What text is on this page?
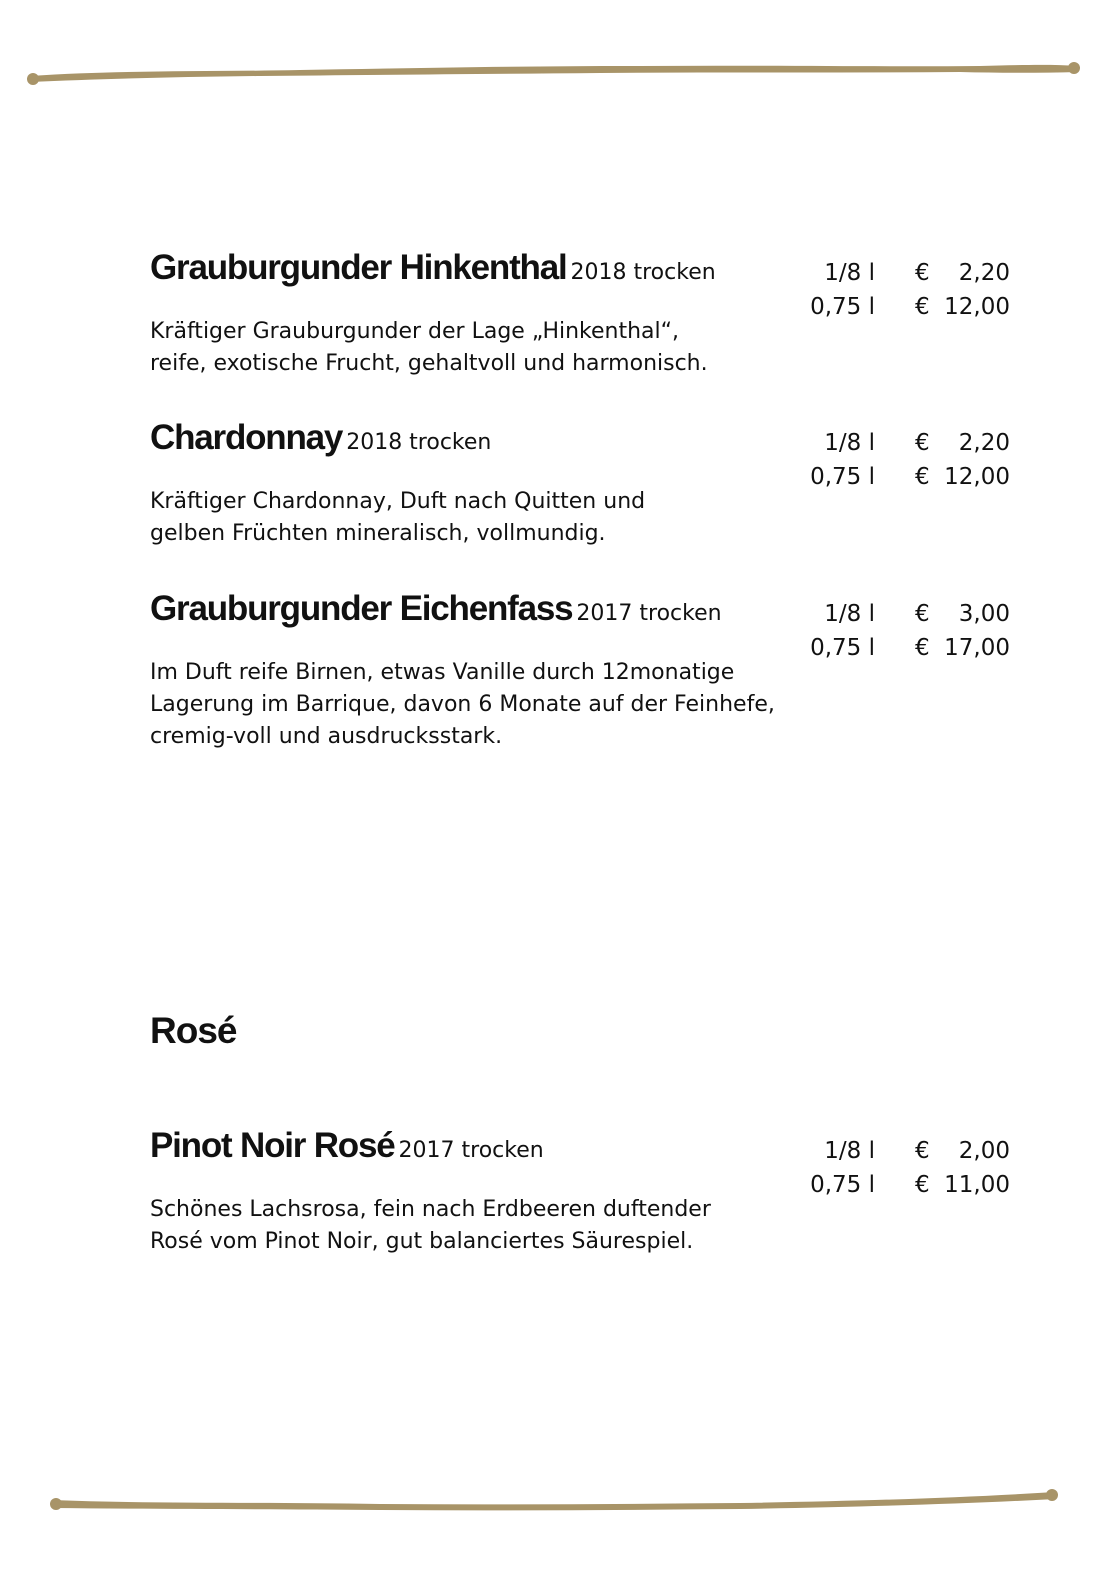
Grauburgunder Hinkenthal 2018 trocken	1/8 l € 2,20
0,75 l € 12,00
Kräftiger Grauburgunder der Lage „Hinkenthal“,
reife, exotische Frucht, gehaltvoll und harmonisch.
Chardonnay 2018 trocken	1/8 l € 2,20
0,75 l € 12,00
Kräftiger Chardonnay, Duft nach Quitten und
gelben Früchten mineralisch, vollmundig.
Grauburgunder Eichenfass 2017 trocken	1/8 l € 3,00
0,75 l € 17,00
Im Duft reife Birnen, etwas Vanille durch 12monatige
Lagerung im Barrique, davon 6 Monate auf der Feinhefe,
cremig-voll und ausdrucksstark.
Rosé
Pinot Noir Rosé 2017 trocken	1/8 l € 2,00
0,75 l € 11,00
Schönes Lachsrosa, fein nach Erdbeeren duftender
Rosé vom Pinot Noir, gut balanciertes Säurespiel.
